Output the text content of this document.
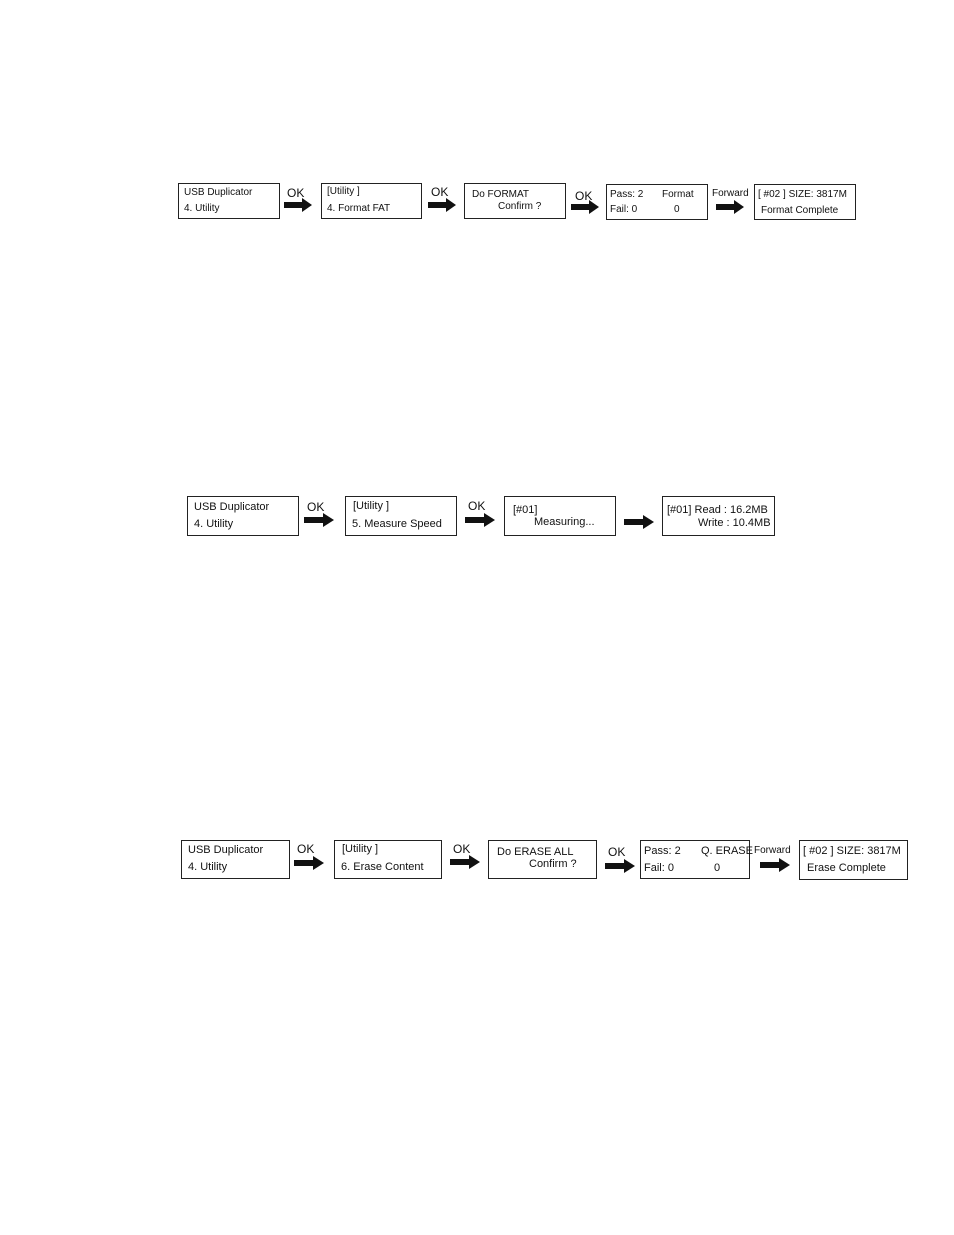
USB Duplicator
4. Utility
OK [Utility ]
4. Format FAT
OK Do FORMAT
Confirm ?
OK Pass: 2 Format
Fail: 0	0
Forward [ #02 ] SIZE: 3817M
Format Complete
USB Duplicator
4. Utility
OK	[Utility ]
5. Measure Speed
OK	[#01]
Measuring...
[#01] Read : 16.2MB
Write : 10.4MB
USB Duplicator
4. Utility
OK	[Utility ]
6. Erase Content
OK Do ERASE ALL
Confirm ?
OK Pass: 2 Q. ERASE
Fail: 0	0
Forward [ #02 ] SIZE: 3817M
Erase Complete
